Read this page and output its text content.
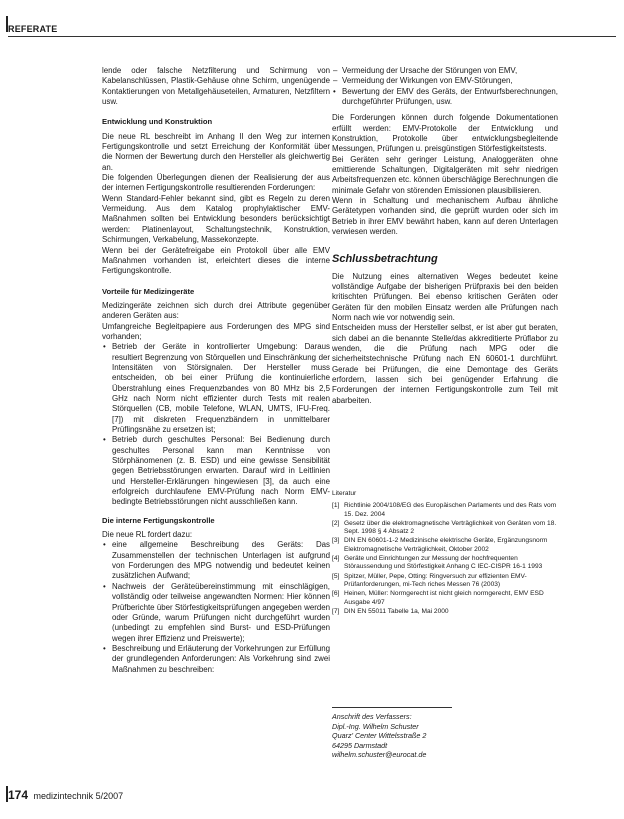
REFERATE

lende oder falsche Netzfilterung und Schirmung von Kabelanschlüssen, Plastik-Gehäuse ohne Schirm, ungenügende Kontaktierungen von Metallgehäuseteilen, Armaturen, Netzfiltern usw.

Entwicklung und Konstruktion

Die neue RL beschreibt im Anhang II den Weg zur internen Fertigungskontrolle und setzt Erreichung der Konformität über die Normen der Bewertung durch den Hersteller als gleichwertig an.

Die folgenden Überlegungen dienen der Realisierung der aus der internen Fertigungskontrolle resultierenden Forderungen:

Wenn Standard-Fehler bekannt sind, gibt es Regeln zu deren Vermeidung. Aus dem Katalog prophylaktischer EMV-Maßnahmen sollten bei Entwicklung besonders berücksichtigt werden: Platinenlayout, Schaltungstechnik, Konstruktion, Schirmungen, Verkabelung, Massekonzepte.

Wenn bei der Gerätefreigabe ein Protokoll über alle EMV Maßnahmen vorhanden ist, erleichtert dieses die interne Fertigungskontrolle.

Vorteile für Medizingeräte

Medizingeräte zeichnen sich durch drei Attribute gegenüber anderen Geräten aus:

Umfangreiche Begleitpapiere aus Forderungen des MPG sind vorhanden;

• Betrieb der Geräte in kontrollierter Umgebung: Daraus resultiert Begrenzung von Störquellen und Einschränkung der Intensitäten von Störsignalen. Der Hersteller muss entscheiden, ob bei einer Prüfung die kontinuierliche Überstrahlung eines Frequenzbandes von 80 MHz bis 2,5 GHz nach Norm nicht effizienter durch Tests mit realen Störquellen (CB, mobile Telefone, WLAN, UMTS, IFU-Freq. [7]) mit diskreten Frequenzbändern in unmittelbarer Prüflingsnähe zu ersetzen ist;
• Betrieb durch geschultes Personal: Bei Bedienung durch geschultes Personal kann man Kenntnisse von Störphänomenen (z. B. ESD) und eine gewisse Sensibilität gegen Betriebsstörungen erwarten. Darauf wird in Leitlinien und Hersteller-Erklärungen hingewiesen [3], da auch eine erfolgreich durchlaufene EMV-Prüfung nach Norm EMV-bedingte Betriebsstörungen nicht ausschließen kann.
Die interne Fertigungskontrolle

Die neue RL fordert dazu:

• eine allgemeine Beschreibung des Geräts: Das Zusammenstellen der technischen Unterlagen ist aufgrund von Forderungen des MPG notwendig und bedeutet keinen zusätzlichen Aufwand;
• Nachweis der Geräteübereinstimmung mit einschlägigen, vollständig oder teilweise angewandten Normen: Hier können Prüfberichte über Störfestigkeitsprüfungen angegeben werden oder Gründe, warum Prüfungen nicht durchgeführt wurden (unbedingt zu empfehlen sind Burst- und ESD-Prüfungen wegen ihrer Effizienz und Preiswerte);
• Beschreibung und Erläuterung der Vorkehrungen zur Erfüllung der grundlegenden Anforderungen: Als Vorkehrung sind zwei Maßnahmen zu beschreiben:
– Vermeidung der Ursache der Störungen von EMV,
– Vermeidung der Wirkungen von EMV-Störungen,
• Bewertung der EMV des Geräts, der Entwurfsberechnungen, durchgeführter Prüfungen, usw.

Die Forderungen können durch folgende Dokumentationen erfüllt werden: EMV-Protokolle der Entwicklung und Konstruktion, Protokolle über entwicklungsbegleitende Messungen, Prüfungen u. preisgünstigen Störfestigkeitstests.

Bei Geräten sehr geringer Leistung, Analoggeräten ohne emittierende Schaltungen, Digitalgeräten mit sehr niedrigen Arbeitsfrequenzen etc. können überschlägige Berechnungen die minimale Gefahr von störenden Emissionen plausibilisieren.

Wenn in Schaltung und mechanischem Aufbau ähnliche Gerätetypen vorhanden sind, die geprüft wurden oder sich im Betrieb in ihrer EMV bewährt haben, kann auf deren Unterlagen verwiesen werden.

Schlussbetrachtung

Die Nutzung eines alternativen Weges bedeutet keine vollständige Aufgabe der bisherigen Prüfpraxis bei den beiden kritischten Prüfungen. Bei ebenso kritischen Geräten oder Geräten für den mobilen Einsatz werden alle Prüfungen nach Norm nach wie vor notwendig sein.

Entscheiden muss der Hersteller selbst, er ist aber gut beraten, sich dabei an die benannte Stelle/das akkreditierte Prüflabor zu wenden, die die Prüfung nach MPG oder die sicherheitstechnische Prüfung nach EN 60601-1 durchführt. Gerade bei Prüfungen, die eine Demontage des Geräts erfordern, lassen sich bei genügender Erfahrung die Forderungen der internen Fertigungskontrolle zum Teil mit abarbeiten.

Literatur
[1] Richtlinie 2004/108/EG des Europäischen Parlaments und des Rats vom 15. Dez. 2004
[2] Gesetz über die elektromagnetische Verträglichkeit von Geräten vom 18. Sept. 1998 § 4 Absatz 2
[3] DIN EN 60601-1-2 Medizinische elektrische Geräte, Ergänzungsnorm Elektromagnetische Verträglichkeit, Oktober 2002
[4] Geräte und Einrichtungen zur Messung der hochfrequenten Störaussendung und Störfestigkeit Anhang C IEC-CISPR 16-1 1993
[5] Spitzer, Müller, Pepe, Otting: Ringversuch zur effizienten EMV-Prüfanforderungen, mi-Tech riches Messen 76 (2003)
[6] Heinen, Müller: Normgerecht ist nicht gleich normgerecht, EMV ESD Ausgabe 4/97
[7] DIN EN 55011 Tabelle 1a, Mai 2000
Anschrift des Verfassers:
Dipl.-Ing. Wilhelm Schuster
Quarz' Center Wittelsstraße 2
64295 Darmstadt
wilhelm.schuster@eurocat.de
174 medizintechnik 5/2007
